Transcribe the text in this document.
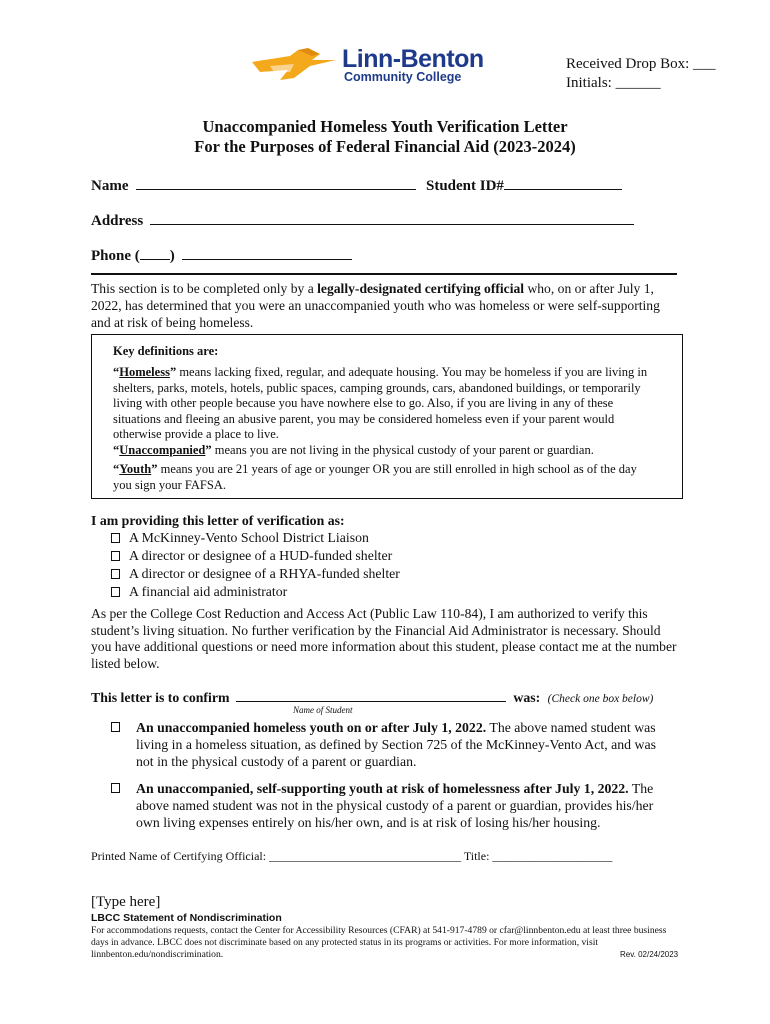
Linn-Benton
Community College
Received Drop Box: ___
Initials: ______
Unaccompanied Homeless Youth Verification Letter
For the Purposes of Federal Financial Aid (2023-2024)
Name	Student ID#
Address
Phone ( )

This section is to be completed only by a legally-designated certifying official who, on or after July 1, 2022, has determined that you were an unaccompanied youth who was homeless or were self-supporting and at risk of being homeless.

Key definitions are:

“Homeless” means lacking fixed, regular, and adequate housing. You may be homeless if you are living in shelters, parks, motels, hotels, public spaces, camping grounds, cars, abandoned buildings, or temporarily living with other people because you have nowhere else to go. Also, if you are living in any of these situations and fleeing an abusive parent, you may be considered homeless even if your parent would otherwise provide a place to live.

“Unaccompanied” means you are not living in the physical custody of your parent or guardian.

“Youth” means you are 21 years of age or younger OR you are still enrolled in high school as of the day you sign your FAFSA.

I am providing this letter of verification as:
A McKinney-Vento School District Liaison
A director or designee of a HUD-funded shelter
A director or designee of a RHYA-funded shelter
A financial aid administrator

As per the College Cost Reduction and Access Act (Public Law 110-84), I am authorized to verify this student’s living situation. No further verification by the Financial Aid Administrator is necessary. Should you have additional questions or need more information about this student, please contact me at the number listed below.

This letter is to confirm	was: (Check one box below)
Name of Student

An unaccompanied homeless youth on or after July 1, 2022. The above named student was living in a homeless situation, as defined by Section 725 of the McKinney-Vento Act, and was not in the physical custody of a parent or guardian.

An unaccompanied, self-supporting youth at risk of homelessness after July 1, 2022. The above named student was not in the physical custody of a parent or guardian, provides his/her own living expenses entirely on his/her own, and is at risk of losing his/her housing.

Printed Name of Certifying Official: ________________________________ Title: ____________________
[Type here]
LBCC Statement of Nondiscrimination

For accommodations requests, contact the Center for Accessibility Resources (CFAR) at 541-917-4789 or cfar@linnbenton.edu at least three business days in advance. LBCC does not discriminate based on any protected status in its programs or activities. For more information, visit linnbenton.edu/nondiscrimination.	Rev. 02/24/2023
